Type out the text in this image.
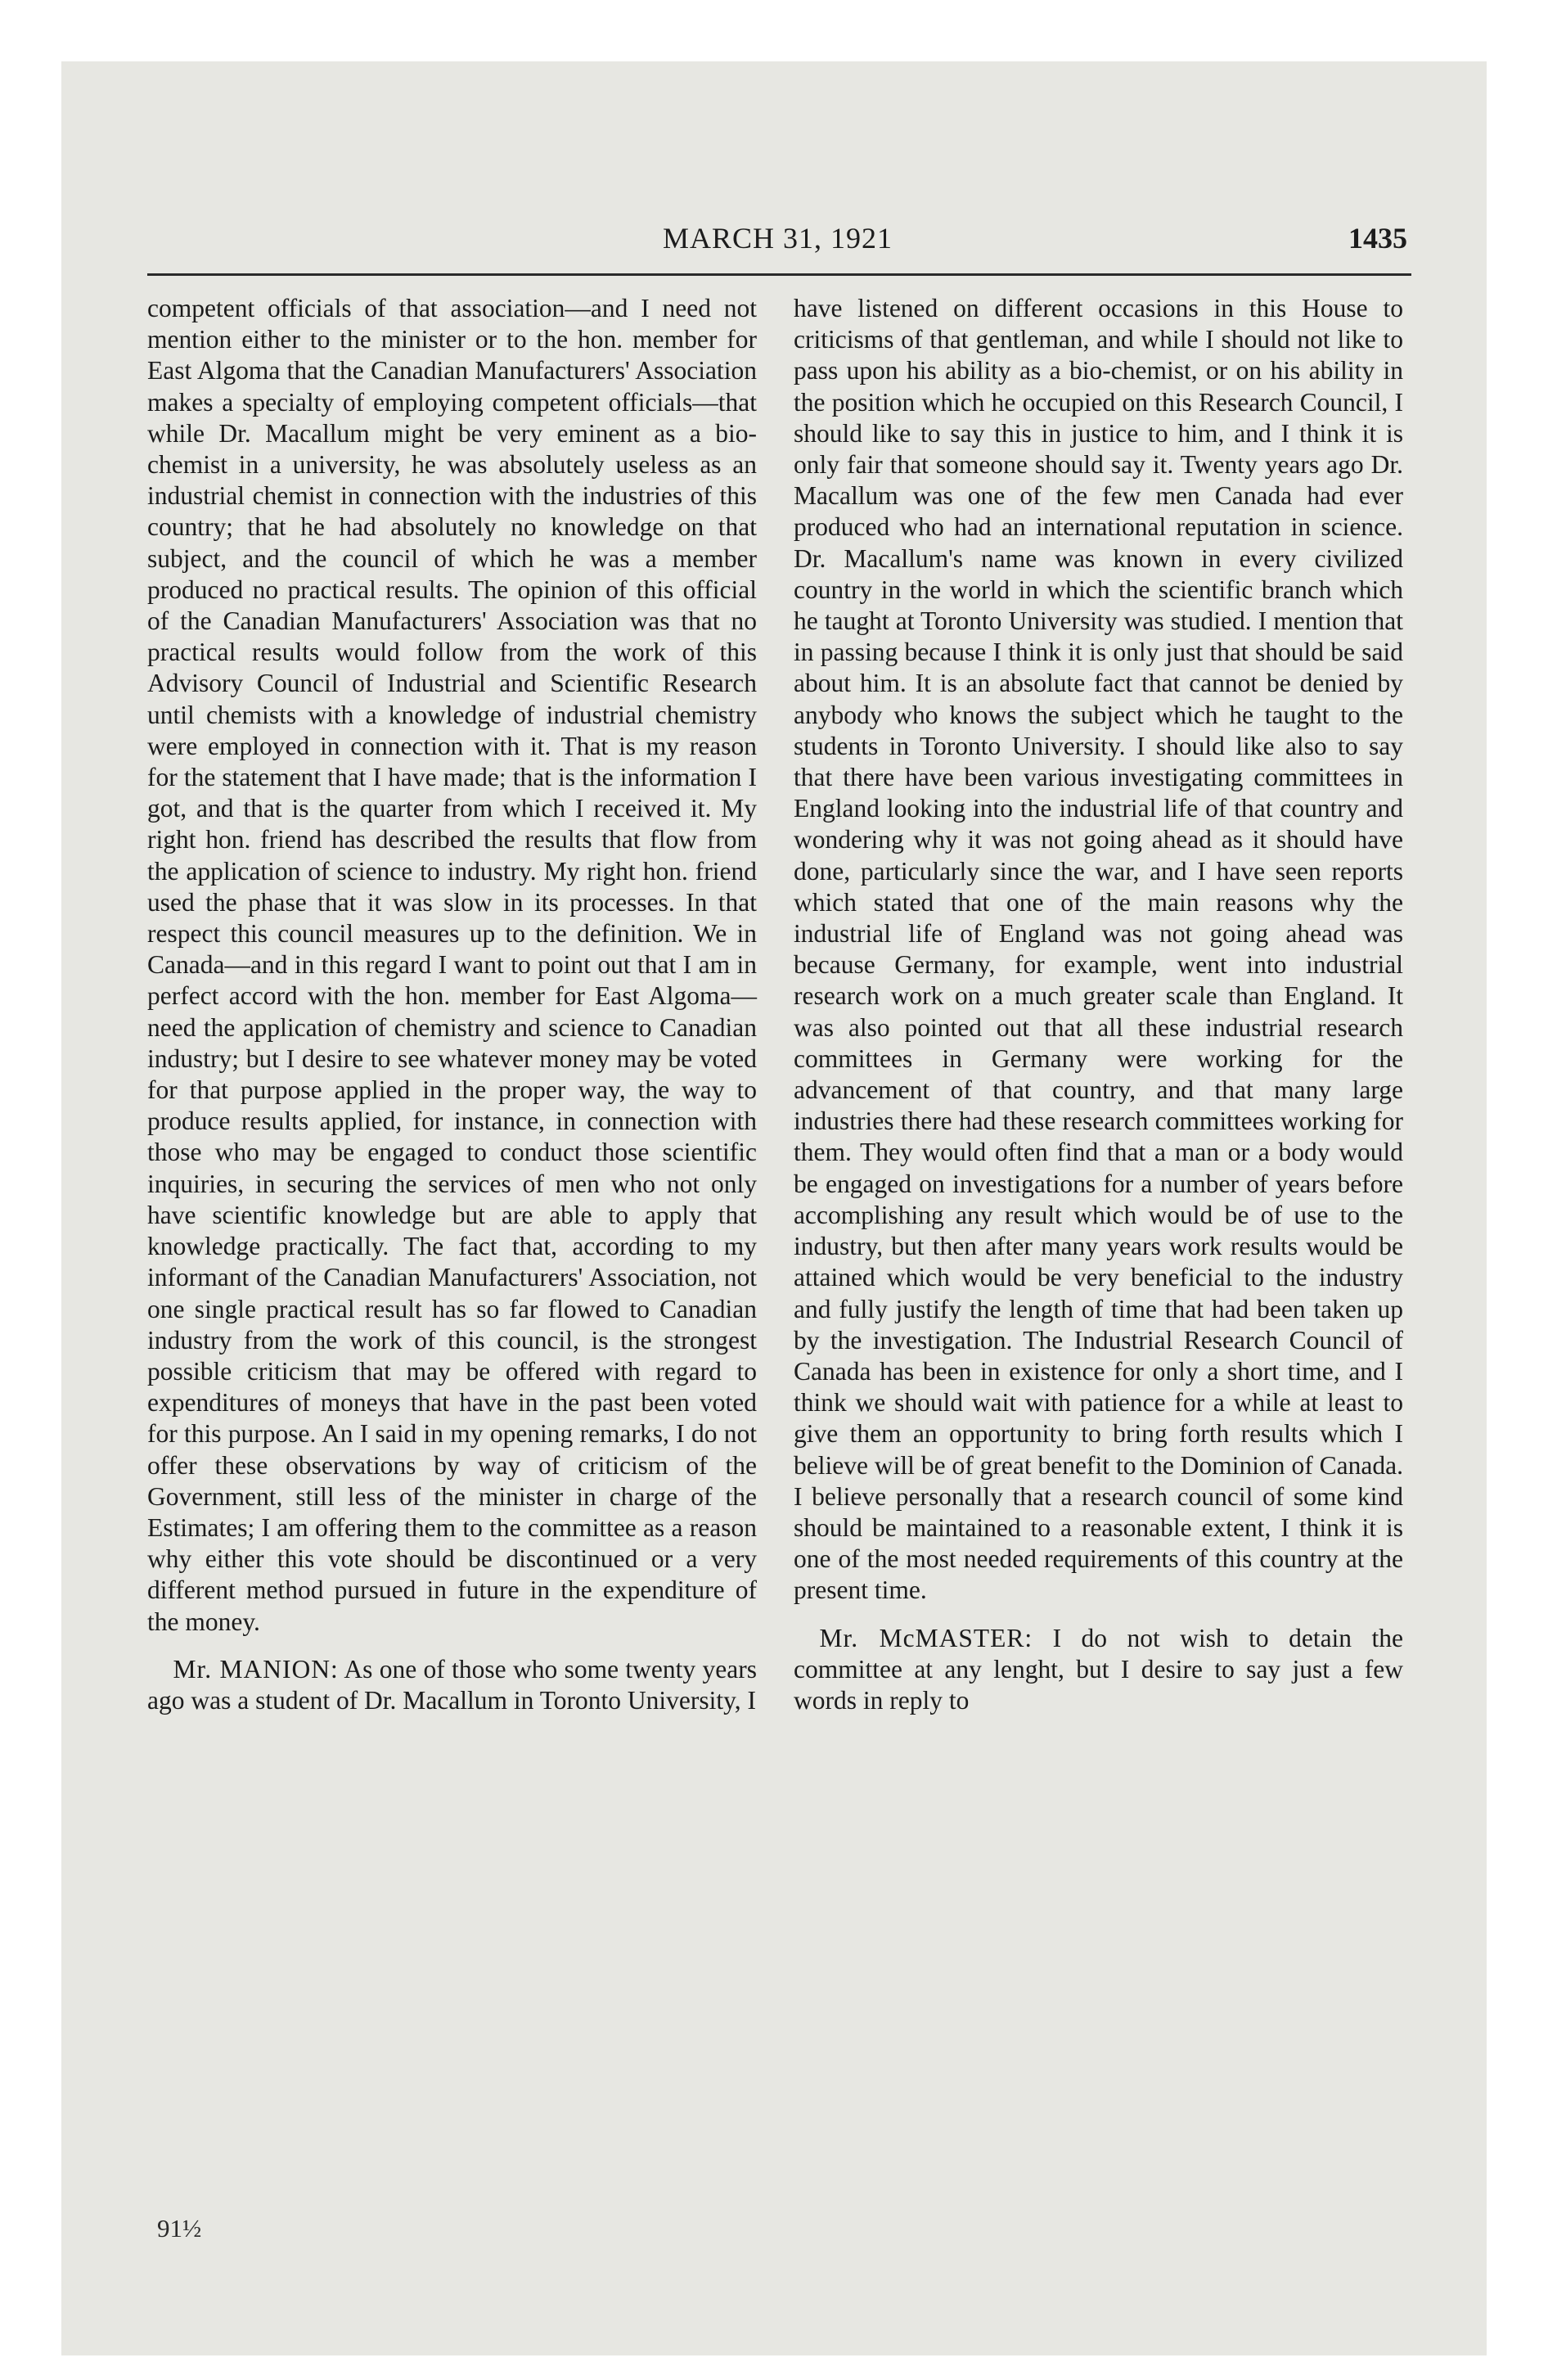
MARCH 31, 1921	1435

competent officials of that association—and I need not mention either to the minister or to the hon. member for East Algoma that the Canadian Manufacturers' Association makes a specialty of employing competent officials—that while Dr. Macallum might be very eminent as a bio-chemist in a university, he was absolutely useless as an industrial chemist in connection with the industries of this country; that he had absolutely no knowledge on that subject, and the council of which he was a member produced no practical results. The opinion of this official of the Canadian Manufacturers' Association was that no practical results would follow from the work of this Advisory Council of Industrial and Scientific Research until chemists with a knowledge of industrial chemistry were employed in connection with it. That is my reason for the statement that I have made; that is the information I got, and that is the quarter from which I received it. My right hon. friend has described the results that flow from the application of science to industry. My right hon. friend used the phase that it was slow in its processes. In that respect this council measures up to the definition. We in Canada—and in this regard I want to point out that I am in perfect accord with the hon. member for East Algoma—need the application of chemistry and science to Canadian industry; but I desire to see whatever money may be voted for that purpose applied in the proper way, the way to produce results applied, for instance, in connection with those who may be engaged to conduct those scientific inquiries, in securing the services of men who not only have scientific knowledge but are able to apply that knowledge practically. The fact that, according to my informant of the Canadian Manufacturers' Association, not one single practical result has so far flowed to Canadian industry from the work of this council, is the strongest possible criticism that may be offered with regard to expenditures of moneys that have in the past been voted for this purpose. An I said in my opening remarks, I do not offer these observations by way of criticism of the Government, still less of the minister in charge of the Estimates; I am offering them to the committee as a reason why either this vote should be discontinued or a very different method pursued in future in the expenditure of the money.

 Mr. MANION: As one of those who some twenty years ago was a student of Dr. Macallum in Toronto University, I

have listened on different occasions in this House to criticisms of that gentleman, and while I should not like to pass upon his ability as a bio-chemist, or on his ability in the position which he occupied on this Research Council, I should like to say this in justice to him, and I think it is only fair that someone should say it. Twenty years ago Dr. Macallum was one of the few men Canada had ever produced who had an international reputation in science. Dr. Macallum's name was known in every civilized country in the world in which the scientific branch which he taught at Toronto University was studied. I mention that in passing because I think it is only just that should be said about him. It is an absolute fact that cannot be denied by anybody who knows the subject which he taught to the students in Toronto University. I should like also to say that there have been various investigating committees in England looking into the industrial life of that country and wondering why it was not going ahead as it should have done, particularly since the war, and I have seen reports which stated that one of the main reasons why the industrial life of England was not going ahead was because Germany, for example, went into industrial research work on a much greater scale than England. It was also pointed out that all these industrial research committees in Germany were working for the advancement of that country, and that many large industries there had these research committees working for them. They would often find that a man or a body would be engaged on investigations for a number of years before accomplishing any result which would be of use to the industry, but then after many years work results would be attained which would be very beneficial to the industry and fully justify the length of time that had been taken up by the investigation. The Industrial Research Council of Canada has been in existence for only a short time, and I think we should wait with patience for a while at least to give them an opportunity to bring forth results which I believe will be of great benefit to the Dominion of Canada. I believe personally that a research council of some kind should be maintained to a reasonable extent, I think it is one of the most needed requirements of this country at the present time.

 Mr. McMASTER: I do not wish to detain the committee at any lenght, but I desire to say just a few words in reply to

91½
